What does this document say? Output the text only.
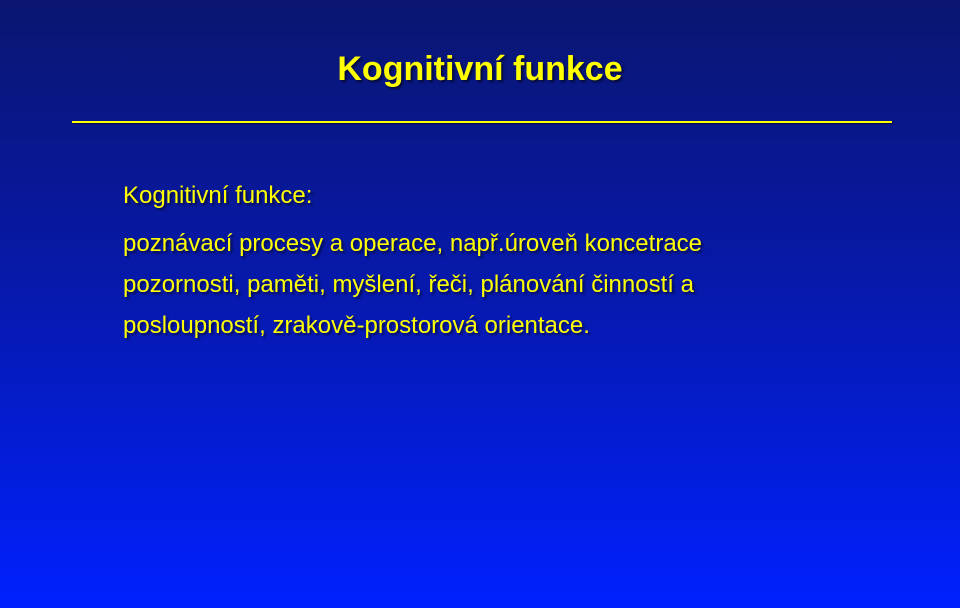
Kognitivní funkce
Kognitivní funkce:
poznávací procesy a operace, např.úroveň koncetrace
pozornosti, paměti, myšlení, řeči, plánování činností a
posloupností, zrakově-prostorová orientace.
